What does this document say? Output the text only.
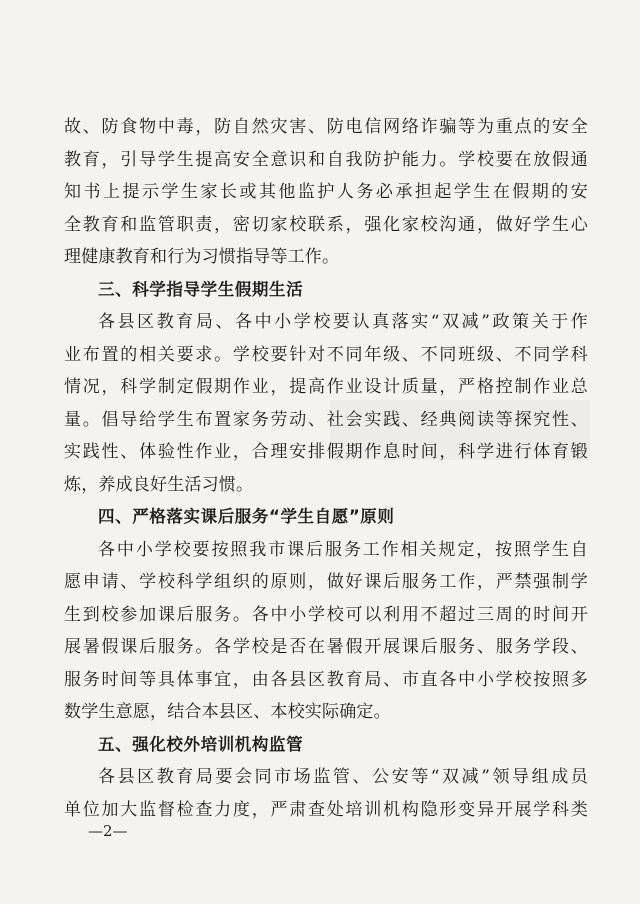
故、防食物中毒，防自然灾害、防电信网络诈骗等为重点的安全
教育，引导学生提高安全意识和自我防护能力。学校要在放假通
知书上提示学生家长或其他监护人务必承担起学生在假期的安
全教育和监管职责，密切家校联系，强化家校沟通，做好学生心
理健康教育和行为习惯指导等工作。
三、科学指导学生假期生活
各县区教育局、各中小学校要认真落实“双减”政策关于作
业布置的相关要求。学校要针对不同年级、不同班级、不同学科
情况，科学制定假期作业，提高作业设计质量，严格控制作业总
量。倡导给学生布置家务劳动、社会实践、经典阅读等探究性、
实践性、体验性作业，合理安排假期作息时间，科学进行体育锻
炼，养成良好生活习惯。
四、严格落实课后服务“学生自愿”原则
各中小学校要按照我市课后服务工作相关规定，按照学生自
愿申请、学校科学组织的原则，做好课后服务工作，严禁强制学
生到校参加课后服务。各中小学校可以利用不超过三周的时间开
展暑假课后服务。各学校是否在暑假开展课后服务、服务学段、
服务时间等具体事宜，由各县区教育局、市直各中小学校按照多
数学生意愿，结合本县区、本校实际确定。
五、强化校外培训机构监管
各县区教育局要会同市场监管、公安等“双减”领导组成员
单位加大监督检查力度，严肃查处培训机构隐形变异开展学科类
—2—
